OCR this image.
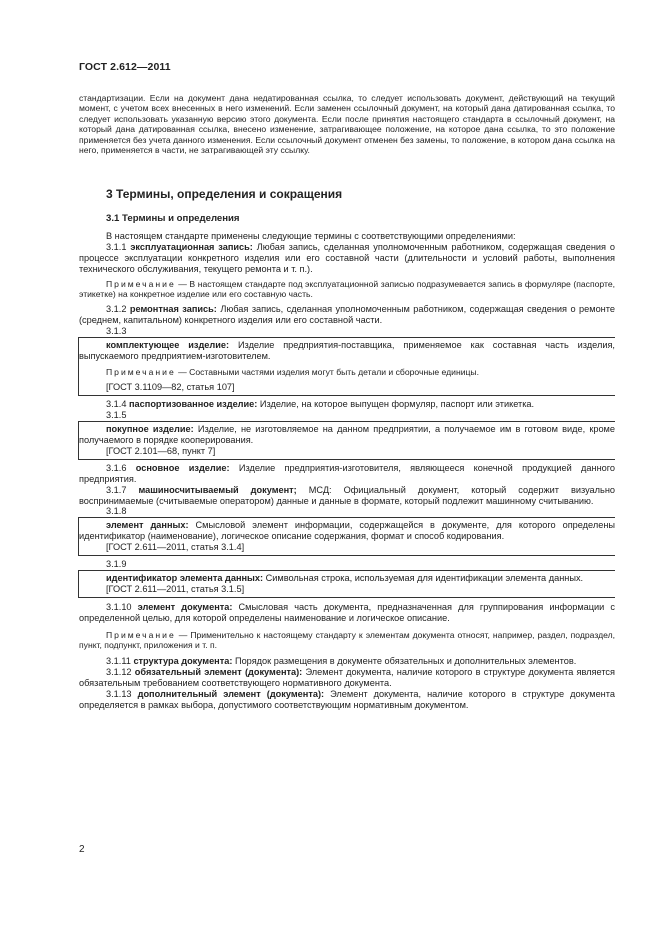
ГОСТ 2.612—2011

стандартизации. Если на документ дана недатированная ссылка, то следует использовать документ, действующий на текущий момент, с учетом всех внесенных в него изменений. Если заменен ссылочный документ, на который дана датированная ссылка, то следует использовать указанную версию этого документа. Если после принятия настоящего стандарта в ссылочный документ, на который дана датированная ссылка, внесено изменение, затрагивающее положение, на которое дана ссылка, то это положение применяется без учета данного изменения. Если ссылочный документ отменен без замены, то положение, в котором дана ссылка на него, применяется в части, не затрагивающей эту ссылку.

3 Термины, определения и сокращения
3.1 Термины и определения

В настоящем стандарте применены следующие термины с соответствующими определениями:

3.1.1 эксплуатационная запись: Любая запись, сделанная уполномоченным работником, содержащая сведения о процессе эксплуатации конкретного изделия или его составной части (длительности и условий работы, выполнения технического обслуживания, текущего ремонта и т. п.).

Примечание — В настоящем стандарте под эксплуатационной записью подразумевается запись в формуляре (паспорте, этикетке) на конкретное изделие или его составную часть.

3.1.2 ремонтная запись: Любая запись, сделанная уполномоченным работником, содержащая сведения о ремонте (среднем, капитальном) конкретного изделия или его составной части.

3.1.3

комплектующее изделие: Изделие предприятия-поставщика, применяемое как составная часть изделия, выпускаемого предприятием-изготовителем.

Примечание — Составными частями изделия могут быть детали и сборочные единицы.

[ГОСТ 3.1109—82, статья 107]

3.1.4 паспортизованное изделие: Изделие, на которое выпущен формуляр, паспорт или этикетка.

3.1.5

покупное изделие: Изделие, не изготовляемое на данном предприятии, а получаемое им в готовом виде, кроме получаемого в порядке кооперирования.

[ГОСТ 2.101—68, пункт 7]

3.1.6 основное изделие: Изделие предприятия-изготовителя, являющееся конечной продукцией данного предприятия.

3.1.7 машиносчитываемый документ; МСД: Официальный документ, который содержит визуально воспринимаемые (считываемые оператором) данные и данные в формате, который подлежит машинному считыванию.

3.1.8

элемент данных: Смысловой элемент информации, содержащейся в документе, для которого определены идентификатор (наименование), логическое описание содержания, формат и способ кодирования.

[ГОСТ 2.611—2011, статья 3.1.4]

3.1.9

идентификатор элемента данных: Символьная строка, используемая для идентификации элемента данных.

[ГОСТ 2.611—2011, статья 3.1.5]

3.1.10 элемент документа: Смысловая часть документа, предназначенная для группирования информации с определенной целью, для которой определены наименование и логическое описание.

Примечание — Применительно к настоящему стандарту к элементам документа относят, например, раздел, подраздел, пункт, подпункт, приложения и т. п.

3.1.11 структура документа: Порядок размещения в документе обязательных и дополнительных элементов.

3.1.12 обязательный элемент (документа): Элемент документа, наличие которого в структуре документа является обязательным требованием соответствующего нормативного документа.

3.1.13 дополнительный элемент (документа): Элемент документа, наличие которого в структуре документа определяется в рамках выбора, допустимого соответствующим нормативным документом.

2
